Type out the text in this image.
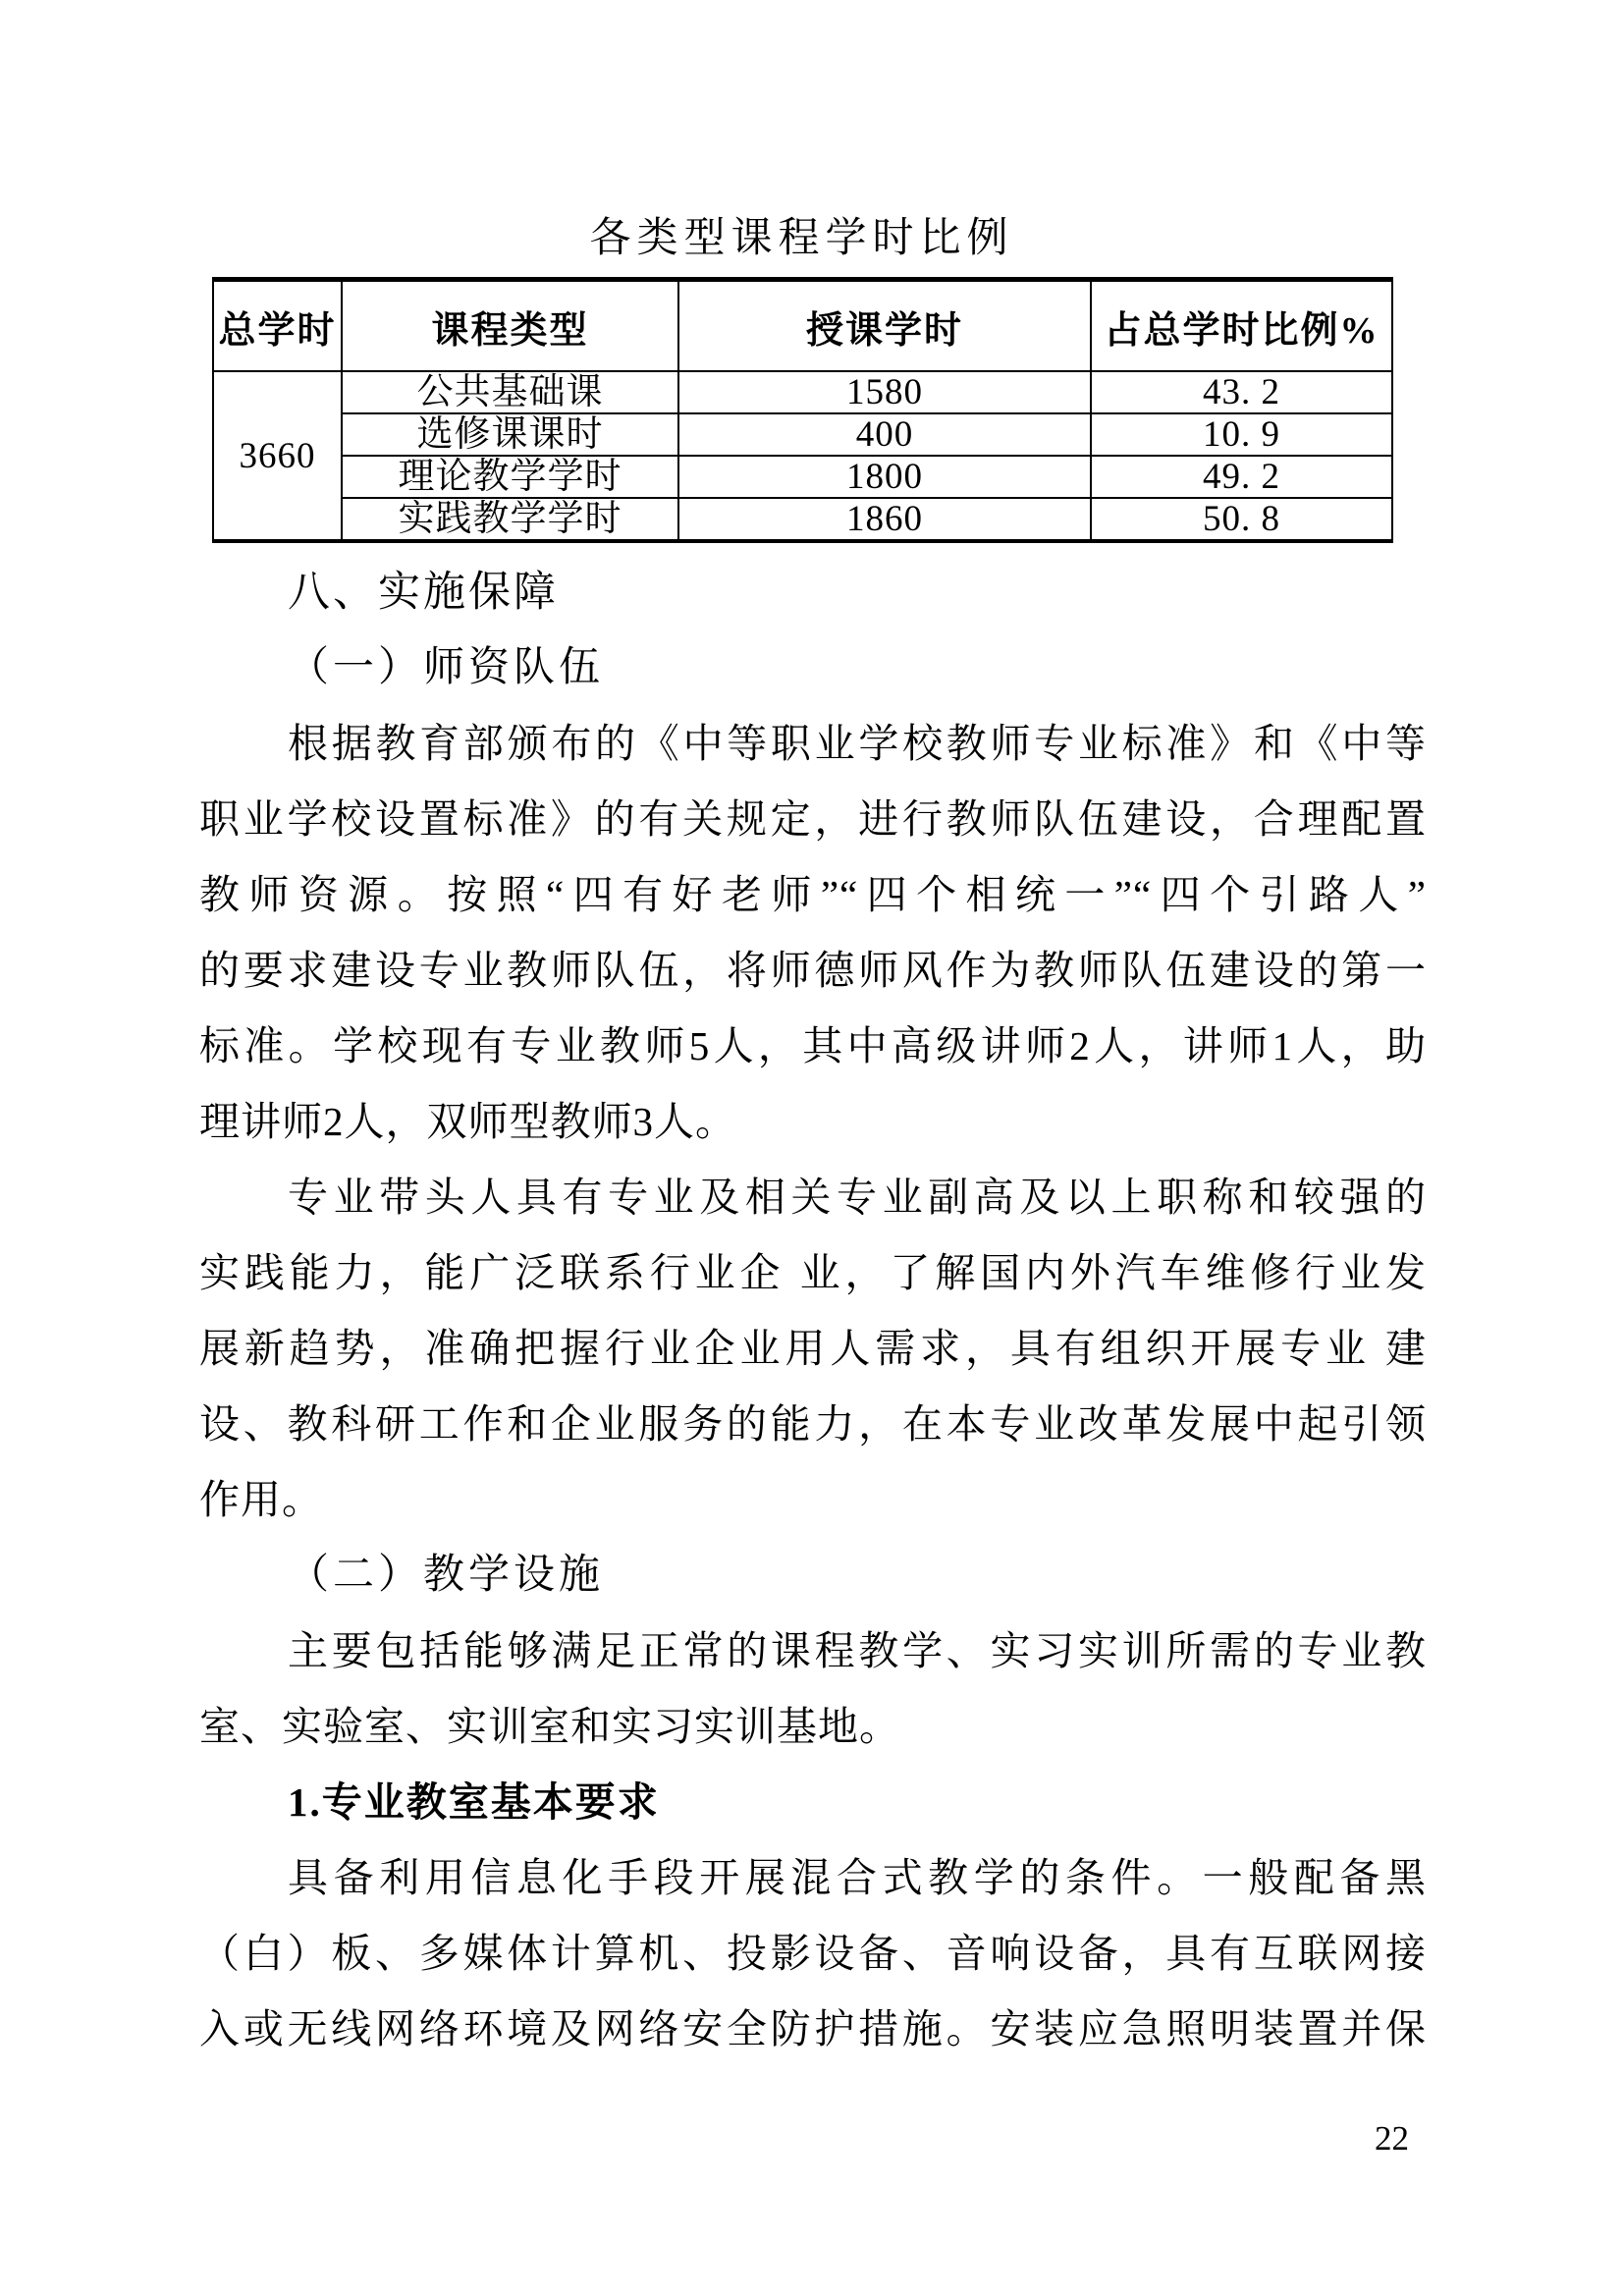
各类型课程学时比例
总学时	课程类型	授课学时	占总学时比例%
3660	公共基础课	1580	43. 2
	选修课课时	400	10. 9
	理论教学学时	1800	49. 2
	实践教学学时	1860	50. 8
八、实施保障
（一）师资队伍
根据教育部颁布的《中等职业学校教师专业标准》和《中等
职业学校设置标准》的有关规定，进行教师队伍建设，合理配置
教师资源。按照“四有好老师”“四个相统一”“四个引路人”
的要求建设专业教师队伍，将师德师风作为教师队伍建设的第一
标准。学校现有专业教师5人，其中高级讲师2人，讲师1人，助
理讲师2人，双师型教师3人。
专业带头人具有专业及相关专业副高及以上职称和较强的
实践能力，能广泛联系行业企 业，了解国内外汽车维修行业发
展新趋势，准确把握行业企业用人需求，具有组织开展专业 建
设、教科研工作和企业服务的能力，在本专业改革发展中起引领
作用。
（二）教学设施
主要包括能够满足正常的课程教学、实习实训所需的专业教
室、实验室、实训室和实习实训基地。
1.专业教室基本要求
具备利用信息化手段开展混合式教学的条件。一般配备黑
（白）板、多媒体计算机、投影设备、音响设备，具有互联网接
入或无线网络环境及网络安全防护措施。安装应急照明装置并保
22
